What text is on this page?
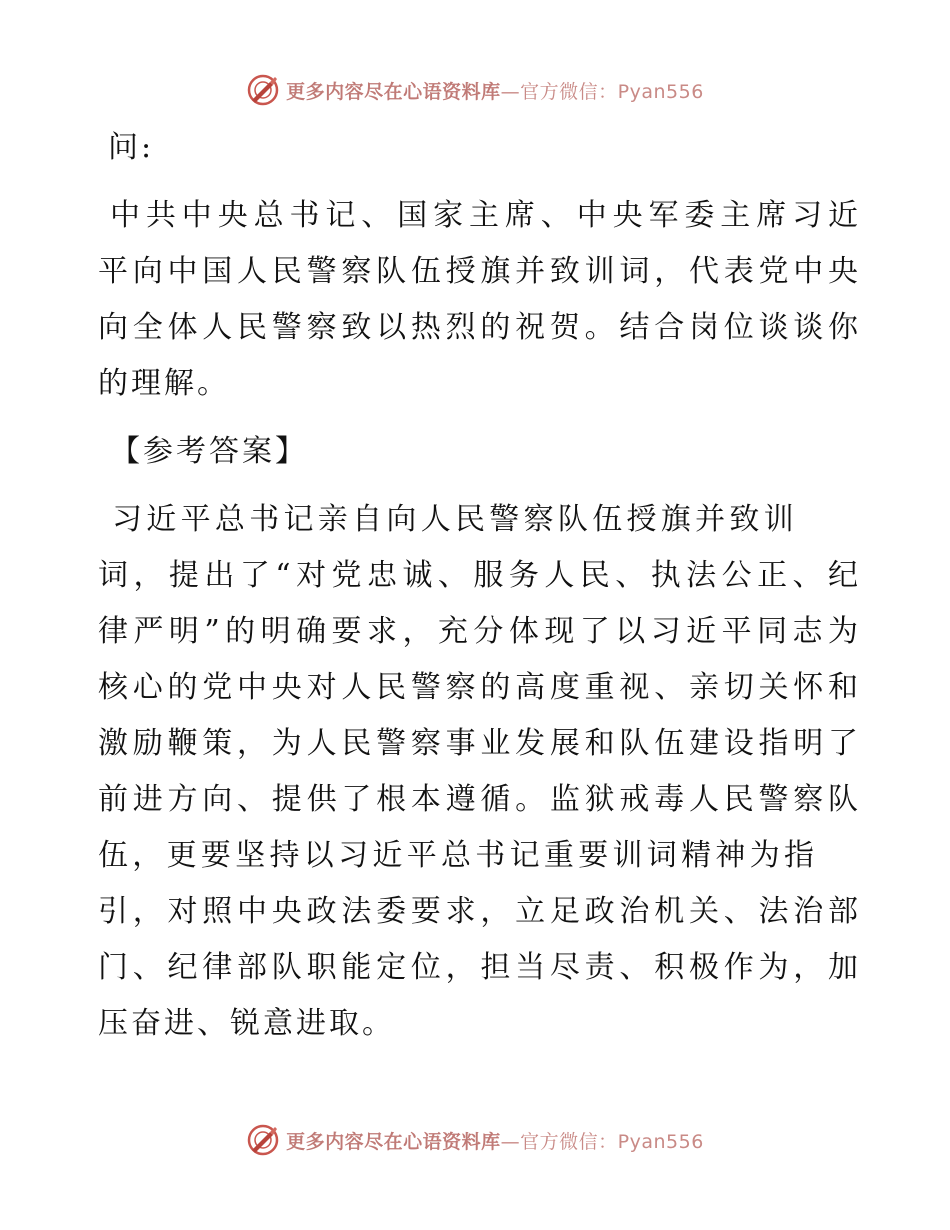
更多内容尽在心语资料库—官方微信：Pyan556
问:
中共中央总书记、国家主席、中央军委主席习近
平向中国人民警察队伍授旗并致训词，代表党中央
向全体人民警察致以热烈的祝贺。结合岗位谈谈你
的理解。
【参考答案】
习近平总书记亲自向人民警察队伍授旗并致训
词，提出了“对党忠诚、服务人民、执法公正、纪
律严明”的明确要求，充分体现了以习近平同志为
核心的党中央对人民警察的高度重视、亲切关怀和
激励鞭策，为人民警察事业发展和队伍建设指明了
前进方向、提供了根本遵循。监狱戒毒人民警察队
伍，更要坚持以习近平总书记重要训词精神为指
引，对照中央政法委要求，立足政治机关、法治部
门、纪律部队职能定位，担当尽责、积极作为，加
压奋进、锐意进取。
更多内容尽在心语资料库—官方微信：Pyan556
